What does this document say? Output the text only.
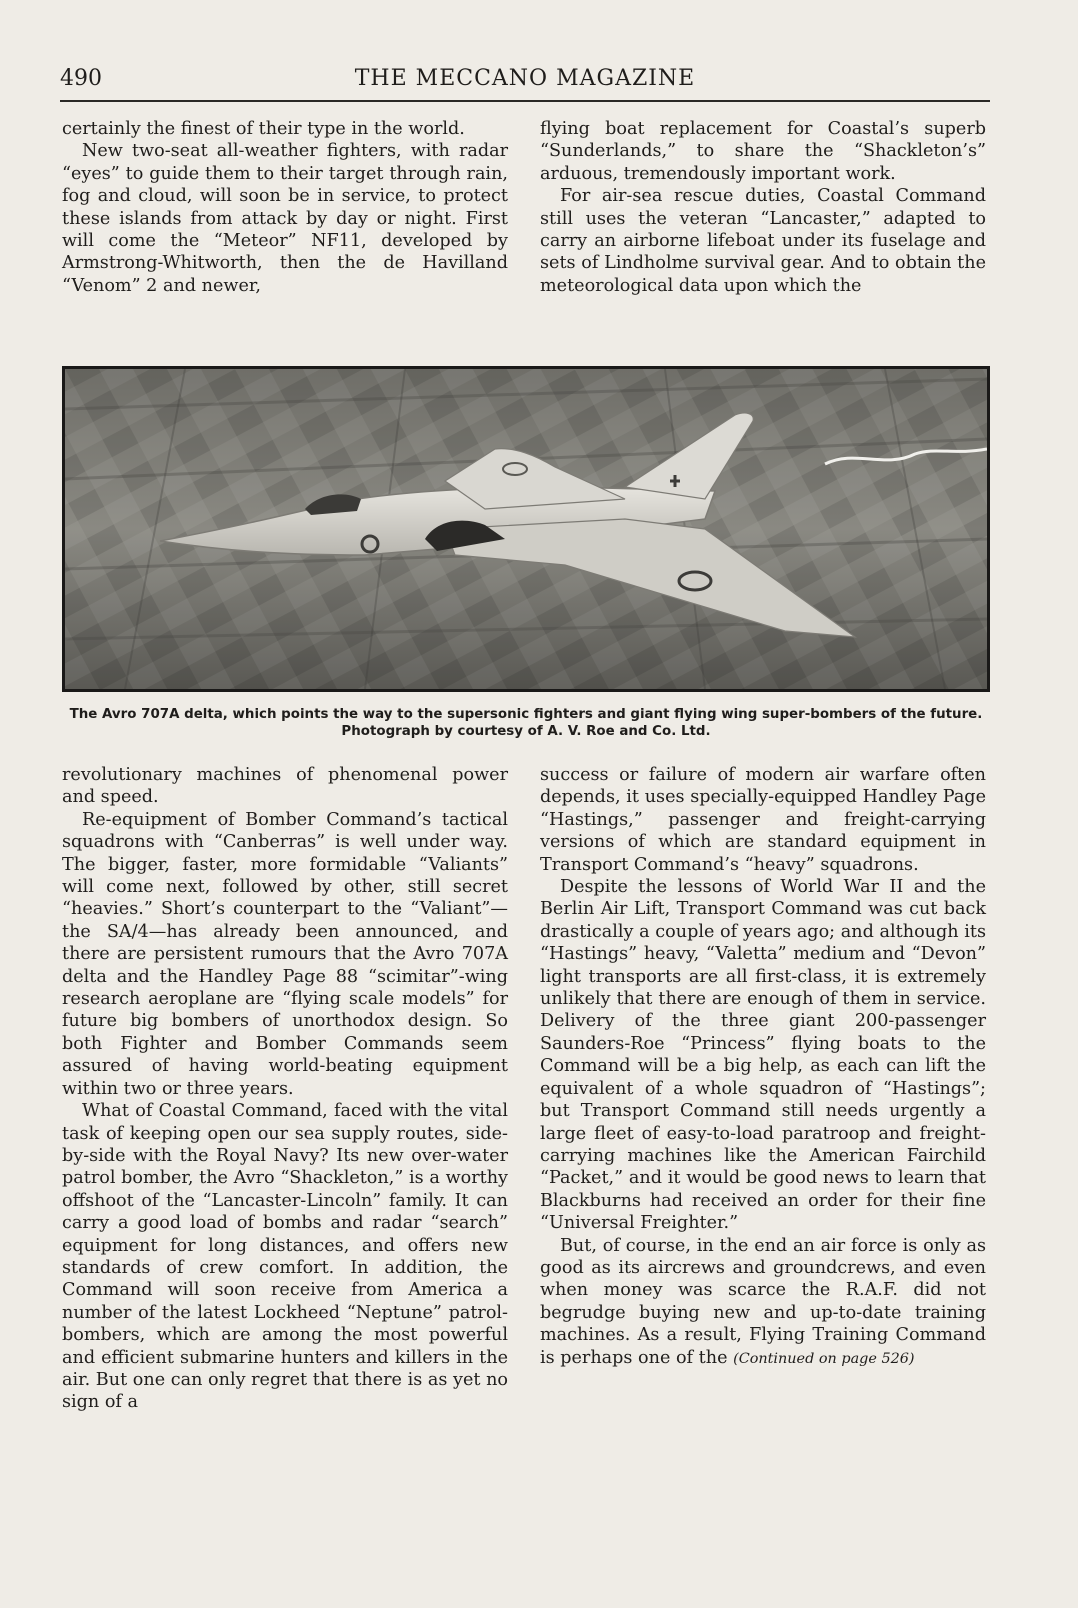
490	THE MECCANO MAGAZINE

certainly the finest of their type in the world.

New two-seat all-weather fighters, with radar “eyes” to guide them to their target through rain, fog and cloud, will soon be in service, to protect these islands from attack by day or night. First will come the “Meteor” NF11, developed by Armstrong-Whitworth, then the de Havilland “Venom” 2 and newer,

flying boat replacement for Coastal’s superb “Sunderlands,” to share the “Shackleton’s” arduous, tremendously important work.

For air-sea rescue duties, Coastal Command still uses the veteran “Lancaster,” adapted to carry an airborne lifeboat under its fuselage and sets of Lindholme survival gear. And to obtain the meteorological data upon which the

The Avro 707A delta, which points the way to the supersonic fighters and giant flying wing super-bombers of the future. Photograph by courtesy of A. V. Roe and Co. Ltd.

revolutionary machines of phenomenal power and speed.

Re-equipment of Bomber Command’s tactical squadrons with “Canberras” is well under way. The bigger, faster, more formidable “Valiants” will come next, followed by other, still secret “heavies.” Short’s counterpart to the “Valiant”—the SA/4—has already been announced, and there are persistent rumours that the Avro 707A delta and the Handley Page 88 “scimitar”-wing research aeroplane are “flying scale models” for future big bombers of unorthodox design. So both Fighter and Bomber Commands seem assured of having world-beating equipment within two or three years.

What of Coastal Command, faced with the vital task of keeping open our sea supply routes, side-by-side with the Royal Navy? Its new over-water patrol bomber, the Avro “Shackleton,” is a worthy offshoot of the “Lancaster-Lincoln” family. It can carry a good load of bombs and radar “search” equipment for long distances, and offers new standards of crew comfort. In addition, the Command will soon receive from America a number of the latest Lockheed “Neptune” patrol-bombers, which are among the most powerful and efficient submarine hunters and killers in the air. But one can only regret that there is as yet no sign of a

success or failure of modern air warfare often depends, it uses specially-equipped Handley Page “Hastings,” passenger and freight-carrying versions of which are standard equipment in Transport Command’s “heavy” squadrons.

Despite the lessons of World War II and the Berlin Air Lift, Transport Command was cut back drastically a couple of years ago; and although its “Hastings” heavy, “Valetta” medium and “Devon” light transports are all first-class, it is extremely unlikely that there are enough of them in service. Delivery of the three giant 200-passenger Saunders-Roe “Princess” flying boats to the Command will be a big help, as each can lift the equivalent of a whole squadron of “Hastings”; but Transport Command still needs urgently a large fleet of easy-to-load paratroop and freight-carrying machines like the American Fairchild “Packet,” and it would be good news to learn that Blackburns had received an order for their fine “Universal Freighter.”

But, of course, in the end an air force is only as good as its aircrews and groundcrews, and even when money was scarce the R.A.F. did not begrudge buying new and up-to-date training machines. As a result, Flying Training Command is perhaps one of the (Continued on page 526)
